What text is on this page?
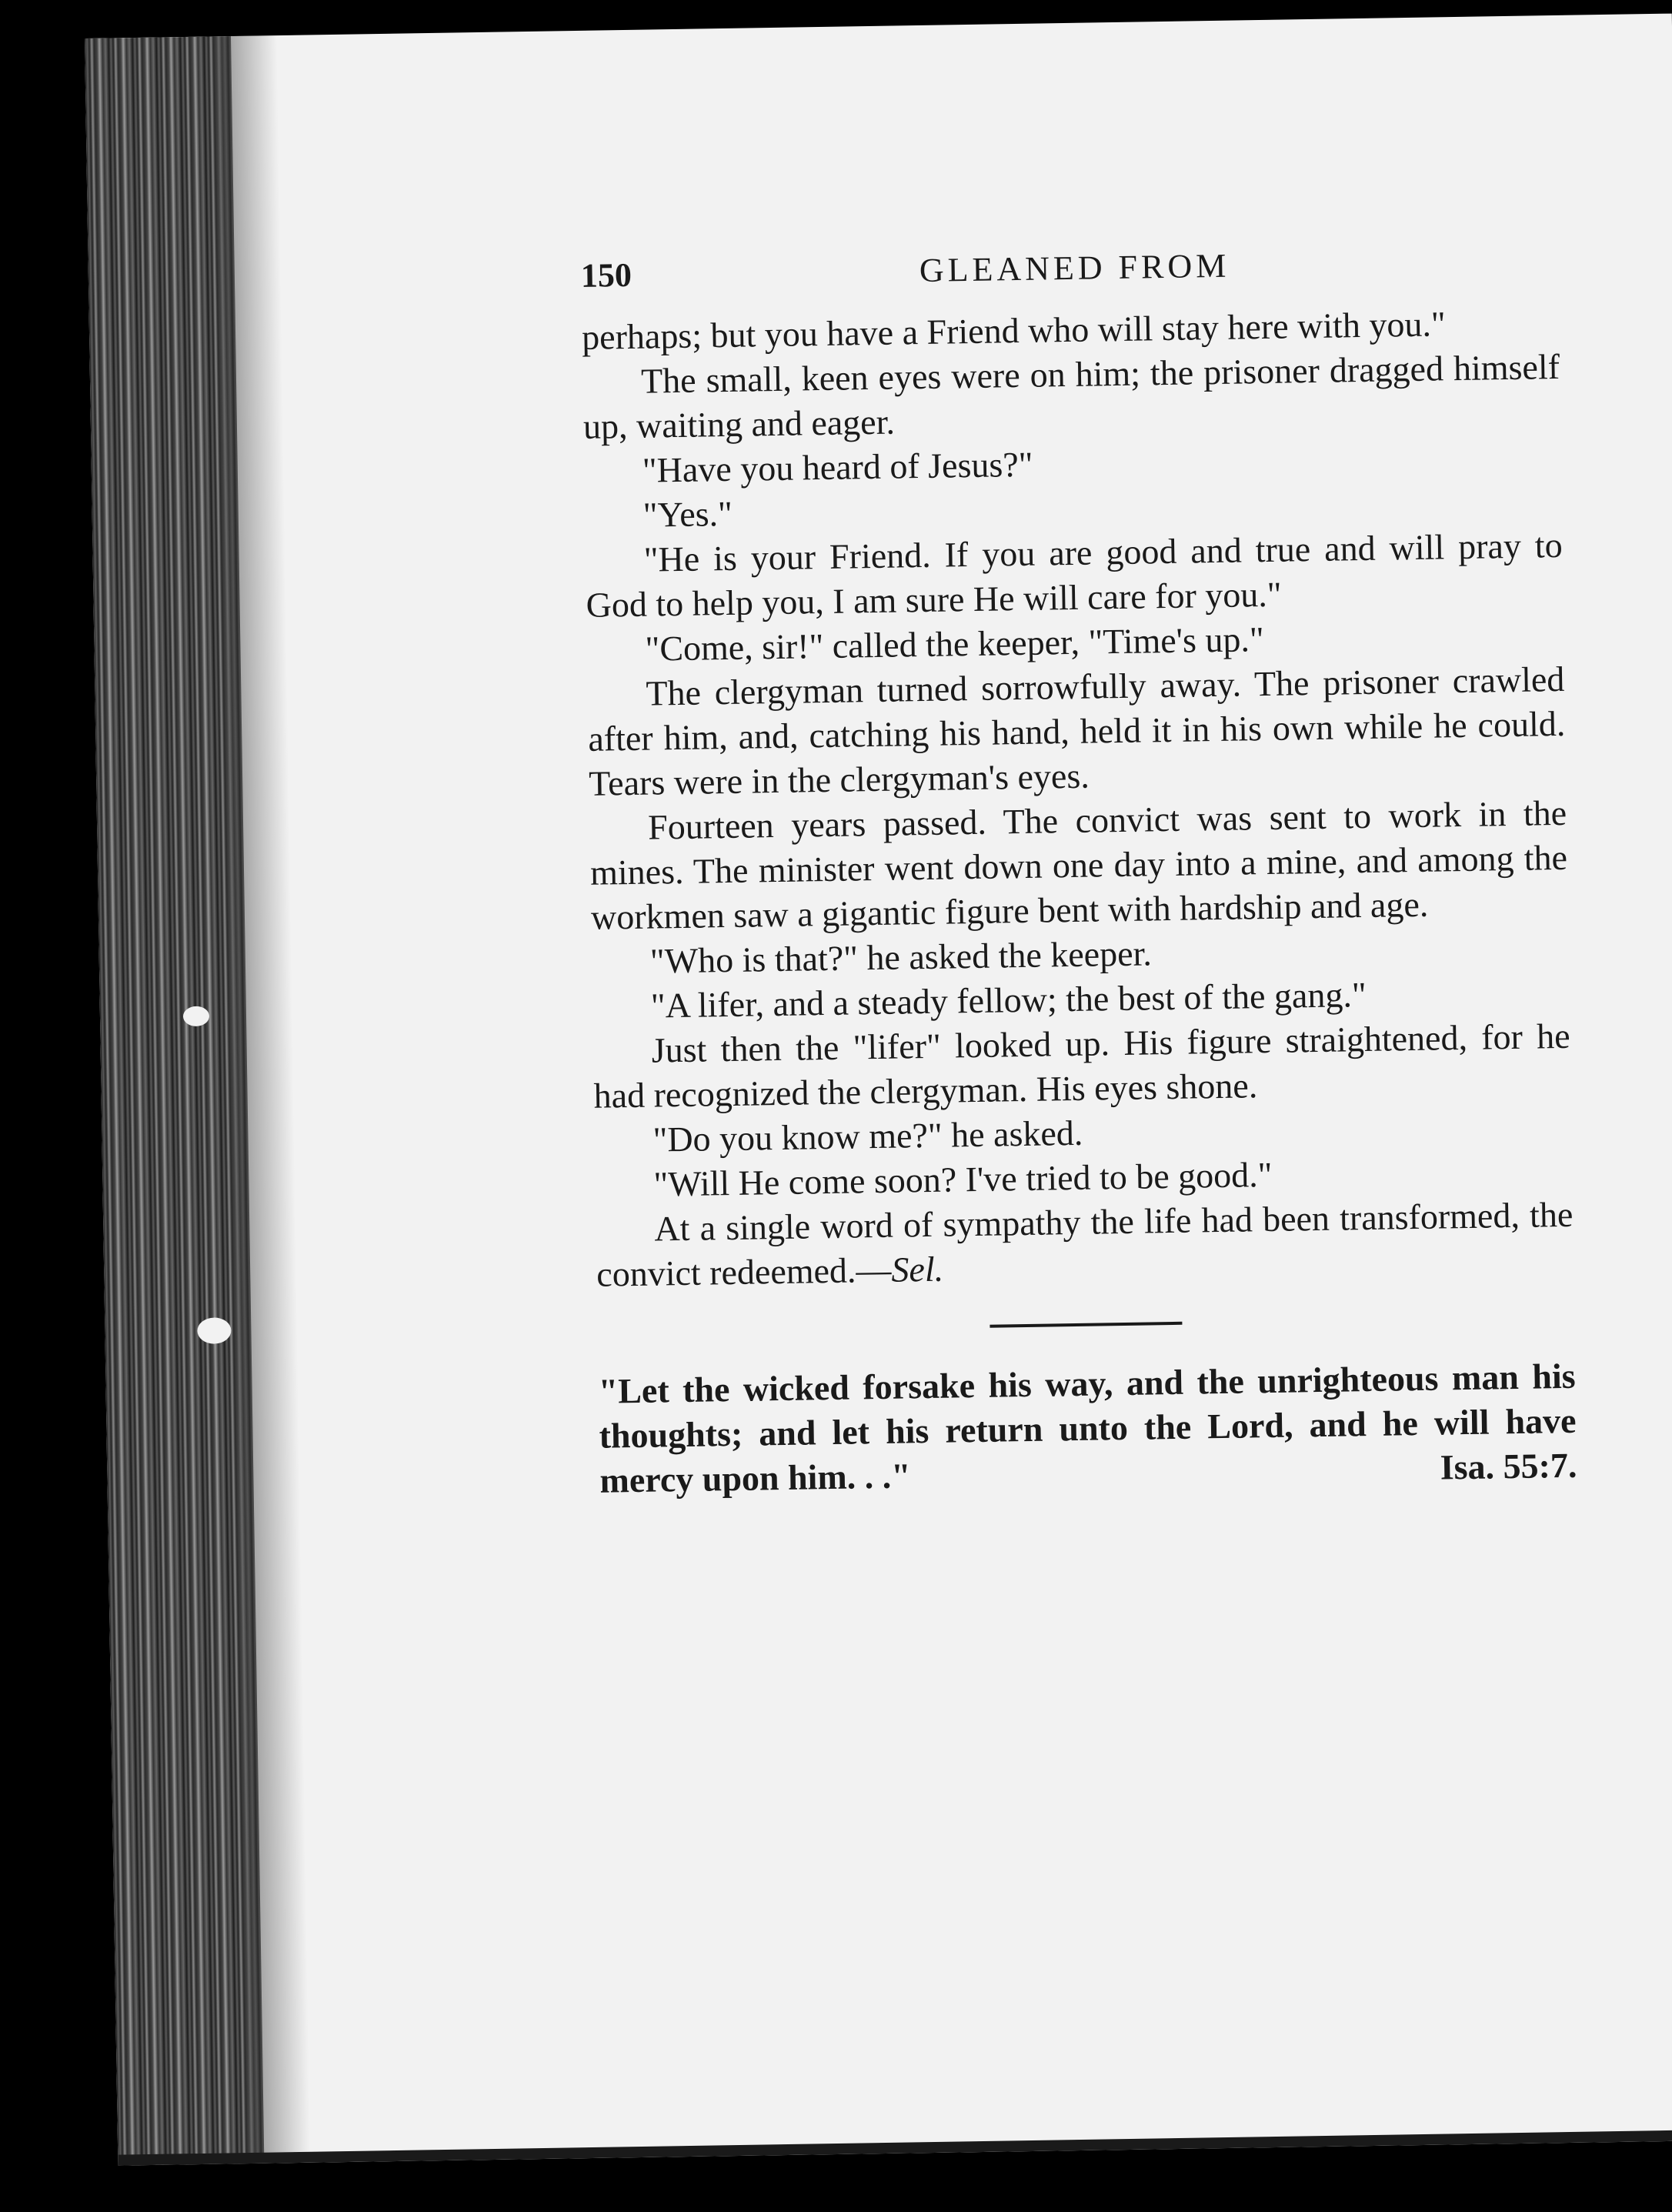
150	GLEANED FROM

perhaps; but you have a Friend who will stay here with you."

The small, keen eyes were on him; the prisoner dragged himself up, waiting and eager.

"Have you heard of Jesus?"

"Yes."

"He is your Friend. If you are good and true and will pray to God to help you, I am sure He will care for you."

"Come, sir!" called the keeper, "Time's up."

The clergyman turned sorrowfully away. The prisoner crawled after him, and, catching his hand, held it in his own while he could. Tears were in the clergyman's eyes.

Fourteen years passed. The convict was sent to work in the mines. The minister went down one day into a mine, and among the workmen saw a gigantic figure bent with hardship and age.

"Who is that?" he asked the keeper.

"A lifer, and a steady fellow; the best of the gang."

Just then the "lifer" looked up. His figure straightened, for he had recognized the clergyman. His eyes shone.

"Do you know me?" he asked.

"Will He come soon? I've tried to be good."

At a single word of sympathy the life had been transformed, the convict redeemed.—Sel.

"Let the wicked forsake his way, and the unrighteous man his thoughts; and let his return unto the Lord, and he will have mercy upon him. . ."	Isa. 55:7.
